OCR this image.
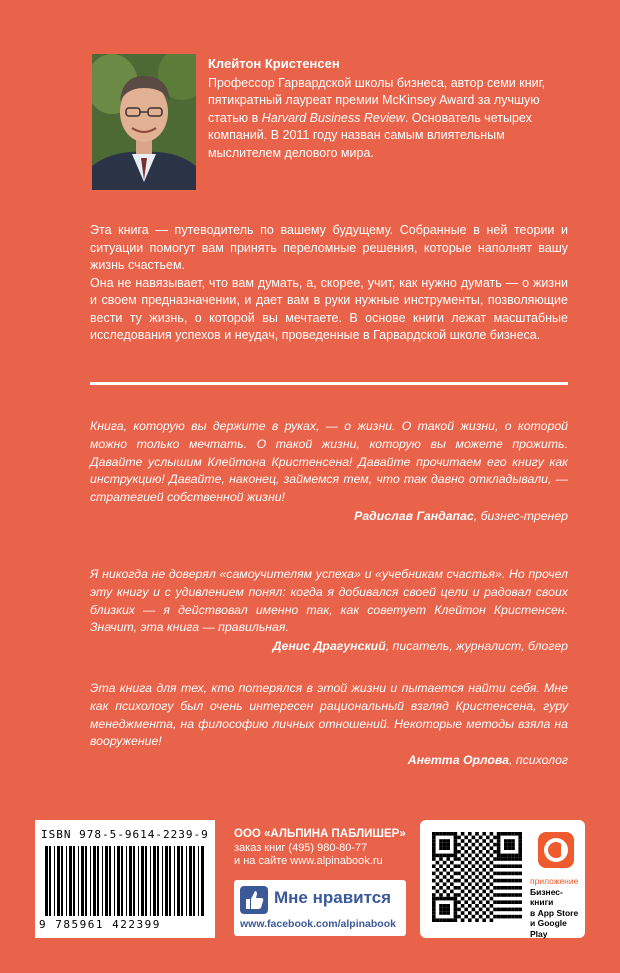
Клейтон Кристенсен
Профессор Гарвардской школы бизнеса, автор семи книг,
пятикратный лауреат премии McKinsey Award за лучшую
статью в Harvard Business Review. Основатель четырех
компаний. В 2011 году назван самым влиятельным
мыслителем делового мира.

Эта книга — путеводитель по вашему будущему. Собранные в ней теории и ситуации помогут вам принять переломные решения, которые наполнят вашу жизнь счастьем.

Она не навязывает, что вам думать, а, скорее, учит, как нужно думать — о жизни и своем предназначении, и дает вам в руки нужные инструменты, позволяющие вести ту жизнь, о которой вы мечтаете. В основе книги лежат масштабные исследования успехов и неудач, проведенные в Гарвардской школе бизнеса.

Книга, которую вы держите в руках, — о жизни. О такой жизни, о которой можно только мечтать. О такой жизни, которую вы можете прожить. Давайте услышим Клейтона Кристенсена! Давайте прочитаем его книгу как инструкцию! Давайте, наконец, займемся тем, что так давно откладывали, — стратегией собственной жизни!
Радислав Гандапас, бизнес-тренер
Я никогда не доверял «самоучителям успеха» и «учебникам счастья». Но прочел эту книгу и с удивлением понял: когда я добивался своей цели и радовал своих близких — я действовал именно так, как советует Клейтон Кристенсен. Значит, эта книга — правильная.
Денис Драгунский, писатель, журналист, блогер
Эта книга для тех, кто потерялся в этой жизни и пытается найти себя. Мне как психологу был очень интересен рациональный взгляд Кристенсена, гуру менеджмента, на философию личных отношений. Некоторые методы взяла на вооружение!
Анетта Орлова, психолог
ISBN 978-5-9614-2239-9
9 785961 422399
ООО «АЛЬПИНА ПАБЛИШЕР»
заказ книг (495) 980-80-77
и на сайте www.alpinabook.ru
Мне нравится
www.facebook.com/alpinabook
приложение
Бизнес-книги
в App Store
и Google Play
